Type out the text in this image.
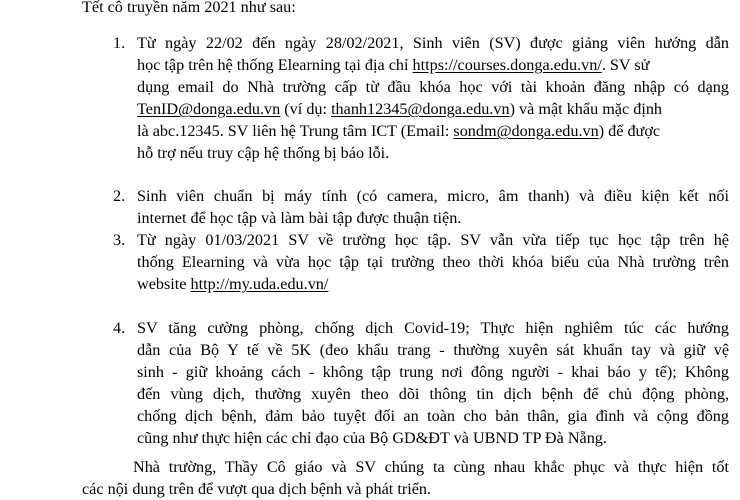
Tết cô truyền năm 2021 như sau:
1. Từ ngày 22/02 đến ngày 28/02/2021, Sinh viên (SV) được giảng viên hướng dẫn
học tập trên hệ thống Elearning tại địa chỉ https://courses.donga.edu.vn/. SV sử
dụng email do Nhà trường cấp từ đầu khóa học với tài khoản đăng nhập có dạng
TenID@donga.edu.vn (ví dụ: thanh12345@donga.edu.vn) và mật khẩu mặc định
là abc.12345. SV liên hệ Trung tâm ICT (Email: sondm@donga.edu.vn) để được
hỗ trợ nếu truy cập hệ thống bị báo lỗi.
2. Sinh viên chuẩn bị máy tính (có camera, micro, âm thanh) và điều kiện kết nối
internet để học tập và làm bài tập được thuận tiện.
3. Từ ngày 01/03/2021 SV về trường học tập. SV vẫn vừa tiếp tục học tập trên hệ
thống Elearning và vừa học tập tại trường theo thời khóa biểu của Nhà trường trên
website http://my.uda.edu.vn/
4. SV tăng cường phòng, chống dịch Covid-19; Thực hiện nghiêm túc các hướng
dẫn của Bộ Y tế về 5K (đeo khẩu trang - thường xuyên sát khuẩn tay và giữ vệ
sinh - giữ khoảng cách - không tập trung nơi đông người - khai báo y tế); Không
đến vùng dịch, thường xuyên theo dõi thông tin dịch bệnh để chủ động phòng,
chống dịch bệnh, đảm bảo tuyệt đối an toàn cho bản thân, gia đình và cộng đồng
cũng như thực hiện các chỉ đạo của Bộ GD&ĐT và UBND TP Đà Nẵng.
Nhà trường, Thầy Cô giáo và SV chúng ta cùng nhau khắc phục và thực hiện tốt
các nội dung trên để vượt qua dịch bệnh và phát triển.
